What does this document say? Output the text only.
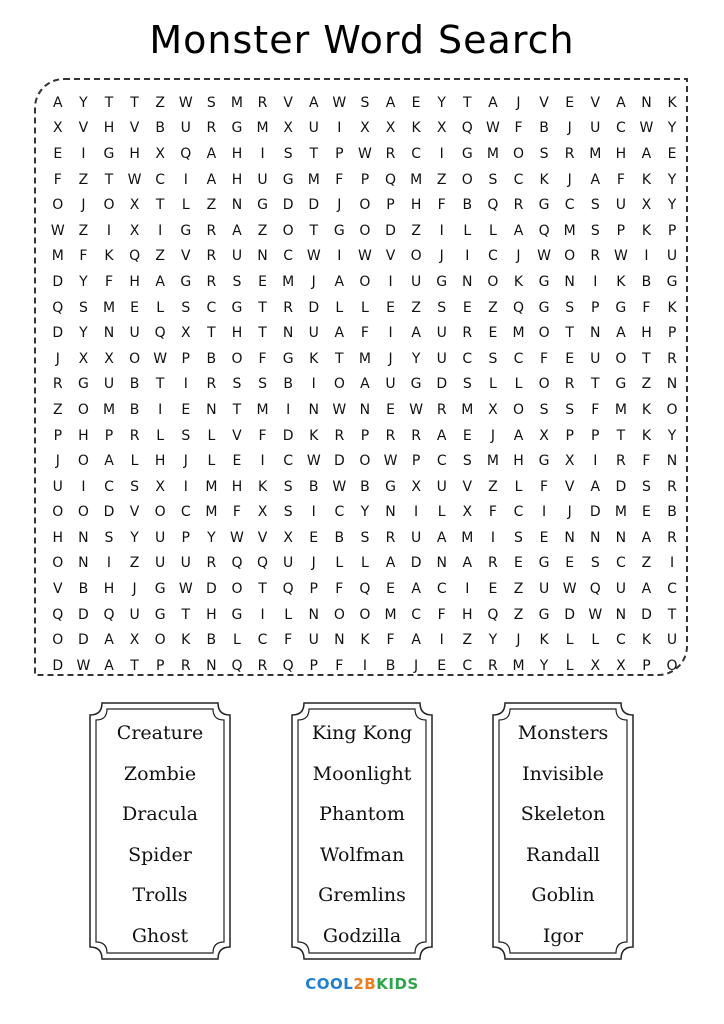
Monster Word Search
A Y T T Z W S M R V A W S A E Y T A J V E V A N K
X V H V B U R G M X U I X X K X Q W F B J U C W Y
E I G H X Q A H I S T P W R C I G M O S R M H A E
F Z T W C I A H U G M F P Q M Z O S C K J A F K Y
O J O X T L Z N G D D J O P H F B Q R G C S U X Y
W Z I X I G R A Z O T G O D Z I L L A Q M S P K P
M F K Q Z V R U N C W I W V O J I C J W O R W I U
D Y F H A G R S E M J A O I U G N O K G N I K B G
Q S M E L S C G T R D L L E Z S E Z Q G S P G F K
D Y N U Q X T H T N U A F I A U R E M O T N A H P
J X X O W P B O F G K T M J Y U C S C F E U O T R
R G U B T I R S S B I O A U G D S L L O R T G Z N
Z O M B I E N T M I N W N E W R M X O S S F M K O
P H P R L S L V F D K R P R R A E J A X P P T K Y
J O A L H J L E I C W D O W P C S M H G X I R F N
U I C S X I M H K S B W B G X U V Z L F V A D S R
O O D V O C M F X S I C Y N I L X F C I J D M E B
H N S Y U P Y W V X E B S R U A M I S E N N N A R
O N I Z U U R Q Q U J L L A D N A R E G E S C Z I
V B H J G W D O T Q P F Q E A C I E Z U W Q U A C
Q D Q U G T H G I L N O O M C F H Q Z G D W N D T
O D A X O K B L C F U N K F A I Z Y J K L L C K U
D W A T P R N Q R Q P F I B J E C R M Y L X X P O
Creature
Zombie
Dracula
Spider
Trolls
Ghost
King Kong
Moonlight
Phantom
Wolfman
Gremlins
Godzilla
Monsters
Invisible
Skeleton
Randall
Goblin
Igor
COOL 2B KIDS
